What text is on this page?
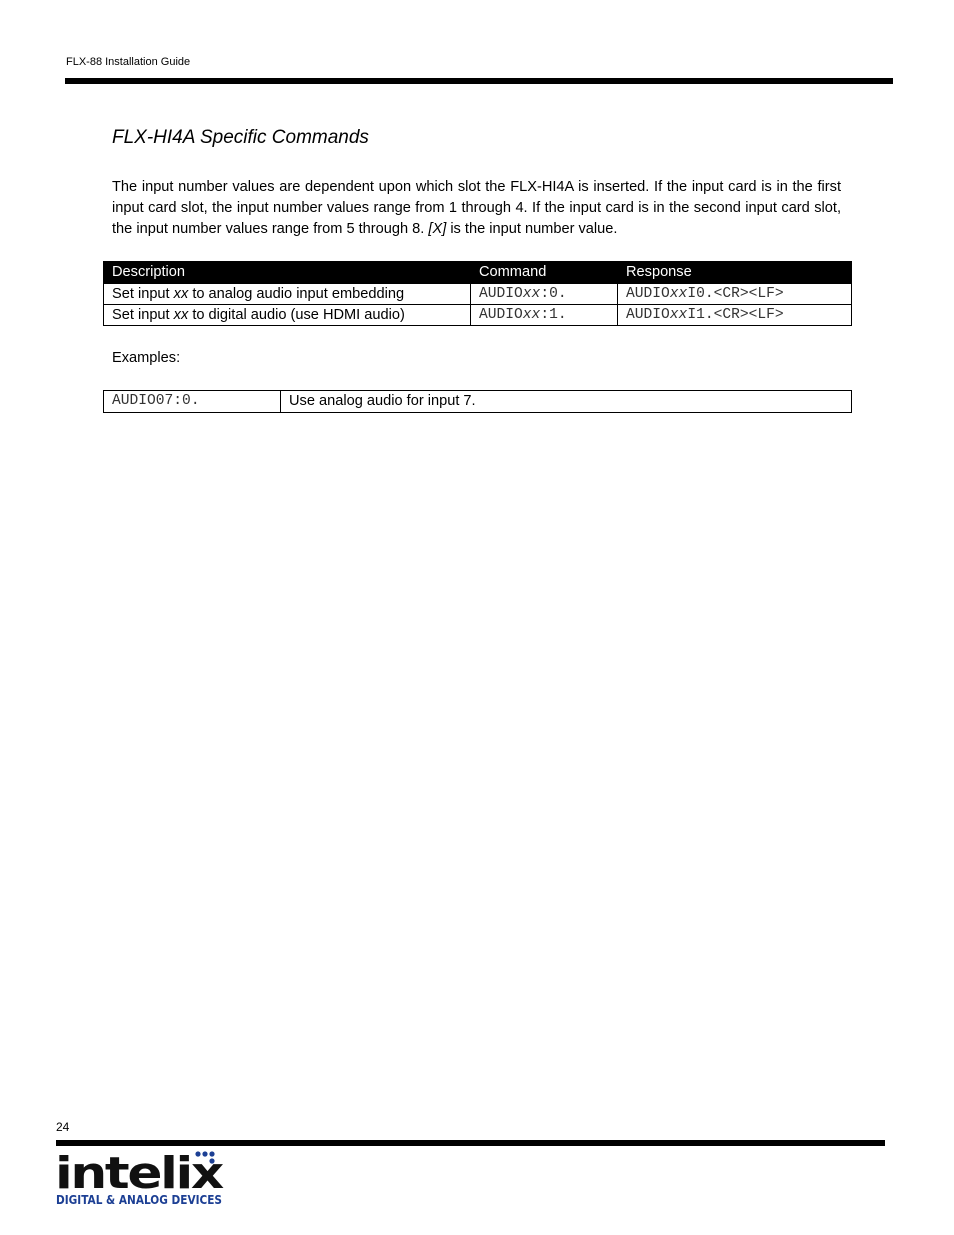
FLX-88 Installation Guide
FLX-HI4A Specific Commands

The input number values are dependent upon which slot the FLX-HI4A is inserted. If the input card is in the first input card slot, the input number values range from 1 through 4. If the input card is in the second input card slot, the input number values range from 5 through 8. [X] is the input number value.

Description	Command	Response
Set input xx to analog audio input embedding	AUDIOxx:0.	AUDIOxxI0.<CR><LF>
Set input xx to digital audio (use HDMI audio)	AUDIOxx:1.	AUDIOxxI1.<CR><LF>

Examples:

AUDIO07:0.	Use analog audio for input 7.
24
intelix
DIGITAL & ANALOG DEVICES
